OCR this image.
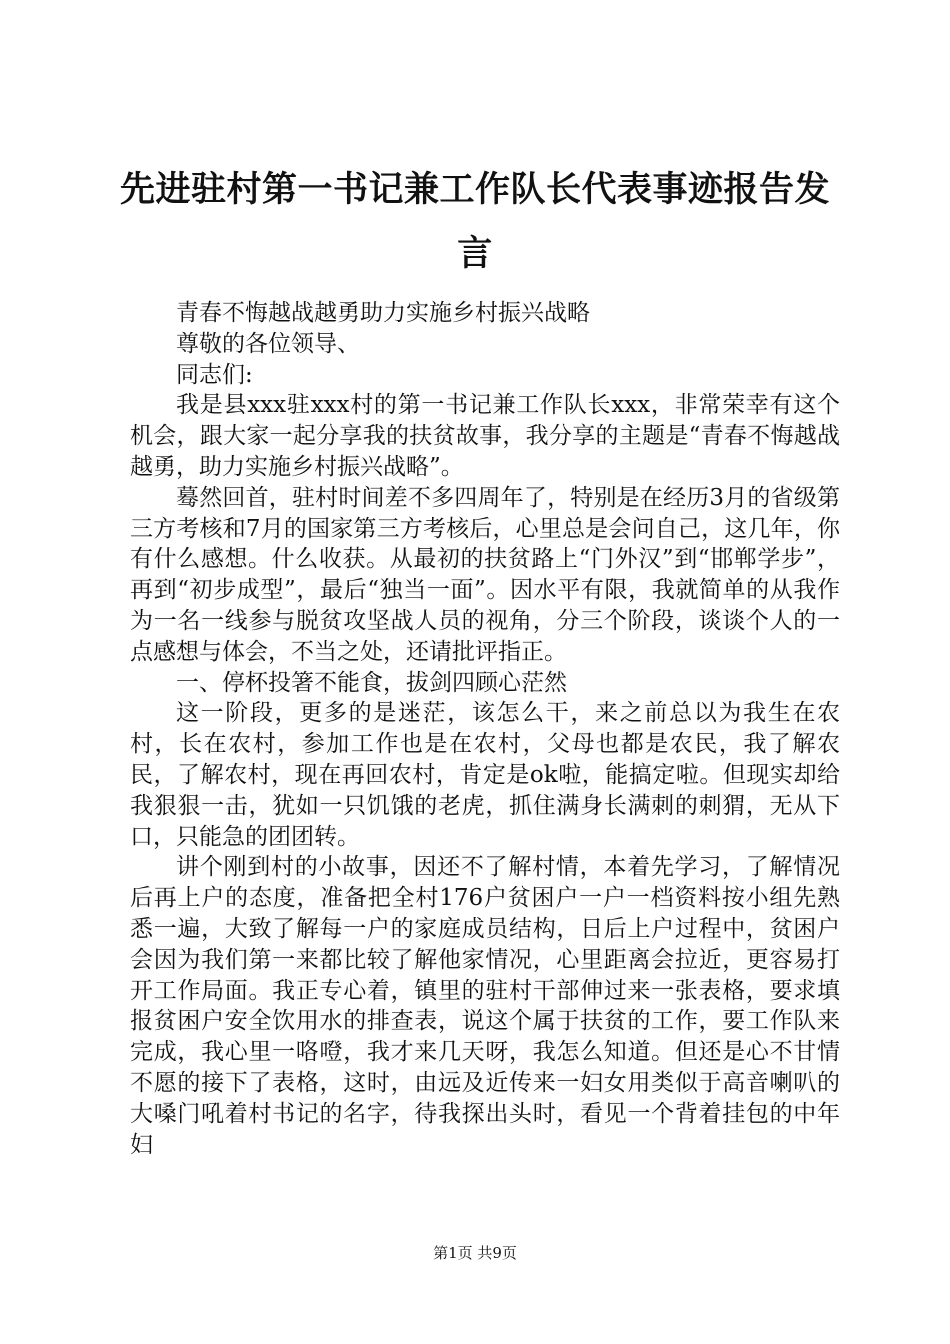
先进驻村第一书记兼工作队长代表事迹报告发言

青春不悔越战越勇助力实施乡村振兴战略

尊敬的各位领导、

同志们:

我是县xxx驻xxx村的第一书记兼工作队长xxx，非常荣幸有这个机会，跟大家一起分享我的扶贫故事，我分享的主题是“青春不悔越战越勇，助力实施乡村振兴战略”。

蓦然回首，驻村时间差不多四周年了，特别是在经历3月的省级第三方考核和7月的国家第三方考核后，心里总是会问自己，这几年，你有什么感想。什么收获。从最初的扶贫路上“门外汉”到“邯郸学步”，再到“初步成型”，最后“独当一面”。因水平有限，我就简单的从我作为一名一线参与脱贫攻坚战人员的视角，分三个阶段，谈谈个人的一点感想与体会，不当之处，还请批评指正。

一、停杯投箸不能食，拔剑四顾心茫然

这一阶段，更多的是迷茫，该怎么干，来之前总以为我生在农村，长在农村，参加工作也是在农村，父母也都是农民，我了解农民，了解农村，现在再回农村，肯定是ok啦，能搞定啦。但现实却给我狠狠一击，犹如一只饥饿的老虎，抓住满身长满刺的刺猬，无从下口，只能急的团团转。

讲个刚到村的小故事，因还不了解村情，本着先学习，了解情况后再上户的态度，准备把全村176户贫困户一户一档资料按小组先熟悉一遍，大致了解每一户的家庭成员结构，日后上户过程中，贫困户会因为我们第一来都比较了解他家情况，心里距离会拉近，更容易打开工作局面。我正专心着，镇里的驻村干部伸过来一张表格，要求填报贫困户安全饮用水的排查表，说这个属于扶贫的工作，要工作队来完成，我心里一咯噔，我才来几天呀，我怎么知道。但还是心不甘情不愿的接下了表格，这时，由远及近传来一妇女用类似于高音喇叭的大嗓门吼着村书记的名字，待我探出头时，看见一个背着挂包的中年妇

第1页 共9页
